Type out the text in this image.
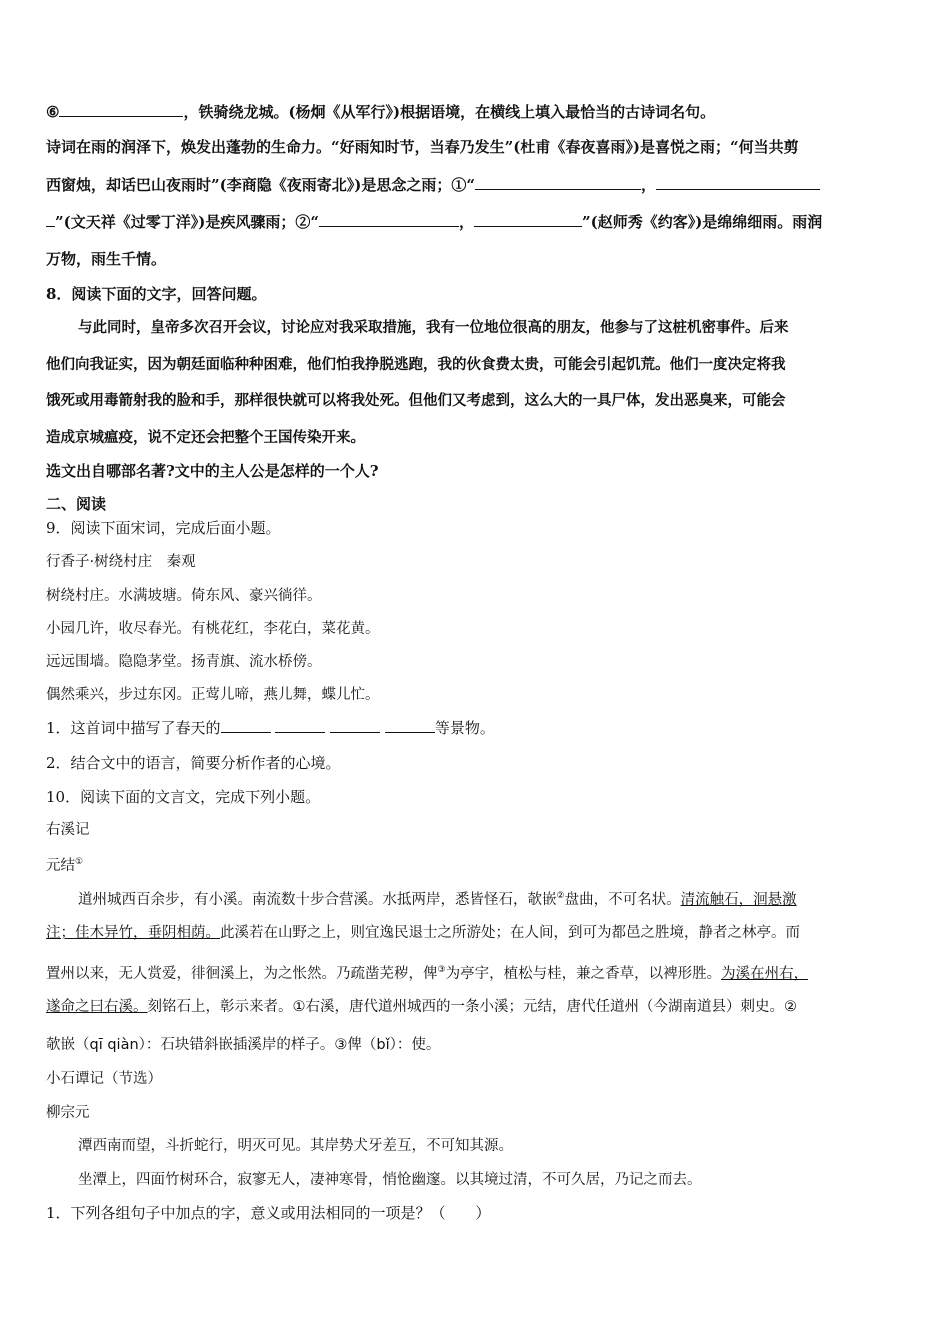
⑥	，铁骑绕龙城。(杨炯《从军行》)根据语境，在横线上填入最恰当的古诗词名句。
诗词在雨的润泽下，焕发出蓬勃的生命力。“好雨知时节，当春乃发生”(杜甫《春夜喜雨》)是喜悦之雨；“何当共剪
西窗烛，却话巴山夜雨时”(李商隐《夜雨寄北》)是思念之雨；①“	，
”(文天祥《过零丁洋》)是疾风骤雨；②“	，	”(赵师秀《约客》)是绵绵细雨。雨润
万物，雨生千情。
8．阅读下面的文字，回答问题。
与此同时，皇帝多次召开会议，讨论应对我采取措施，我有一位地位很高的朋友，他参与了这桩机密事件。后来
他们向我证实，因为朝廷面临种种困难，他们怕我挣脱逃跑，我的伙食费太贵，可能会引起饥荒。他们一度决定将我
饿死或用毒箭射我的脸和手，那样很快就可以将我处死。但他们又考虑到，这么大的一具尸体，发出恶臭来，可能会
造成京城瘟疫，说不定还会把整个王国传染开来。
选文出自哪部名著?文中的主人公是怎样的一个人?
二、阅读
9．阅读下面宋词，完成后面小题。
行香子·树绕村庄　秦观
树绕村庄。水满坡塘。倚东风、豪兴徜徉。
小园几许，收尽春光。有桃花红，李花白，菜花黄。
远远围墙。隐隐茅堂。扬青旗、流水桥傍。
偶然乘兴，步过东冈。正莺儿啼，燕儿舞，蝶儿忙。
1．这首词中描写了春天的	等景物。
2．结合文中的语言，简要分析作者的心境。
10．阅读下面的文言文，完成下列小题。
右溪记
元结①
道州城西百余步，有小溪。南流数十步合营溪。水抵两岸，悉皆怪石，欹嵌②盘曲，不可名状。清流触石，洄悬激
注；佳木异竹，垂阴相荫。此溪若在山野之上，则宜逸民退士之所游处；在人间，到可为都邑之胜境，静者之林亭。而
置州以来，无人赏爱，徘徊溪上，为之怅然。乃疏凿芜秽，俾③为亭宇，植松与桂，兼之香草，以裨形胜。为溪在州右，
遂命之曰右溪。刻铭石上，彰示来者。①右溪，唐代道州城西的一条小溪；元结，唐代任道州（今湖南道县）刺史。②
欹嵌（qī qiàn）：石块错斜嵌插溪岸的样子。③俾（bǐ）：使。
小石谭记（节选）
柳宗元
潭西南而望，斗折蛇行，明灭可见。其岸势犬牙差互，不可知其源。
坐潭上，四面竹树环合，寂寥无人，凄神寒骨，悄怆幽邃。以其境过清，不可久居，乃记之而去。
1．下列各组句子中加点的字，意义或用法相同的一项是？（　　）
